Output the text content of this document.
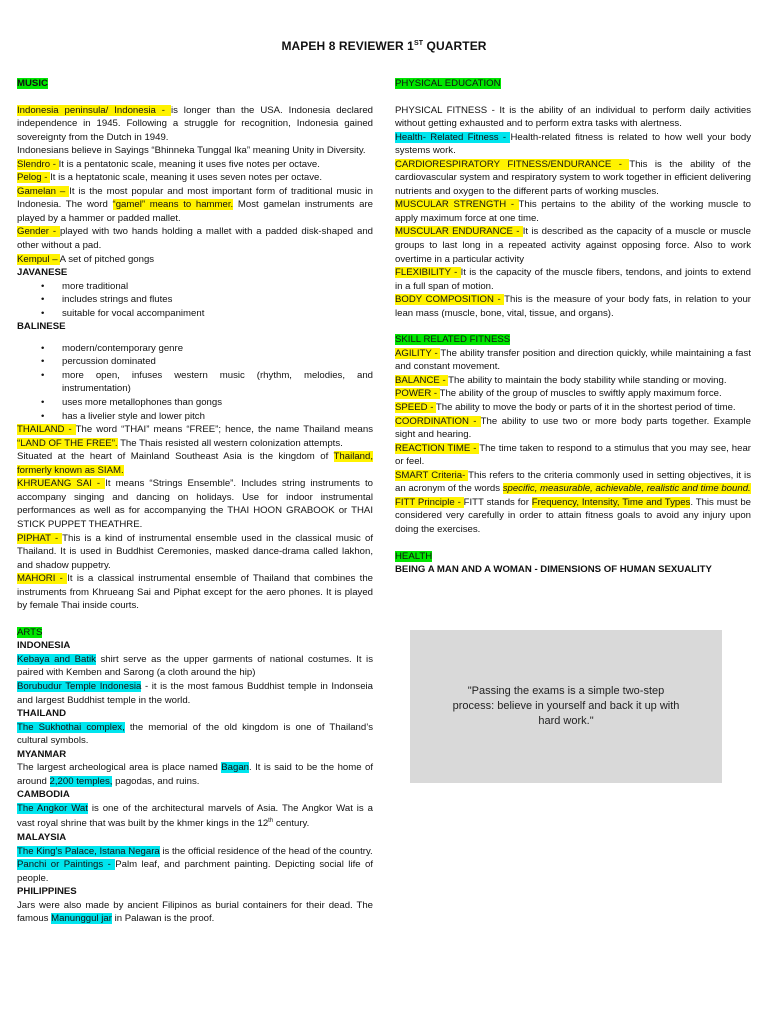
MAPEH 8 REVIEWER 1ST QUARTER

MUSIC

Indonesia peninsula/ Indonesia - is longer than the USA. Indonesia declared independence in 1945. Following a struggle for recognition, Indonesia gained sovereignty from the Dutch in 1949.

Indonesians believe in Sayings “Bhinneka Tunggal Ika” meaning Unity in Diversity.

Slendro - It is a pentatonic scale, meaning it uses five notes per octave.

Pelog - It is a heptatonic scale, meaning it uses seven notes per octave.

Gamelan – It is the most popular and most important form of traditional music in Indonesia. The word “gamel” means to hammer. Most gamelan instruments are played by a hammer or padded mallet.

Gender - played with two hands holding a mallet with a padded disk-shaped and other without a pad.

Kempul – A set of pitched gongs

JAVANESE

• more traditional
• includes strings and flutes
• suitable for vocal accompaniment

BALINESE

• modern/contemporary genre
• percussion dominated
• more open, infuses western music (rhythm, melodies, and instrumentation)
• uses more metallophones than gongs
• has a livelier style and lower pitch

THAILAND - The word “THAI” means “FREE”; hence, the name Thailand means “LAND OF THE FREE”. The Thais resisted all western colonization attempts.

Situated at the heart of Mainland Southeast Asia is the kingdom of Thailand, formerly known as SIAM.

KHRUEANG SAI - It means “Strings Ensemble”. Includes string instruments to accompany singing and dancing on holidays. Use for indoor instrumental performances as well as for accompanying the THAI HOON GRABOOK or THAI STICK PUPPET THEATHRE.

PIPHAT - This is a kind of instrumental ensemble used in the classical music of Thailand. It is used in Buddhist Ceremonies, masked dance-drama called lakhon, and shadow puppetry.

MAHORI - It is a classical instrumental ensemble of Thailand that combines the instruments from Khrueang Sai and Piphat except for the aero phones. It is played by female Thai inside courts.

ARTS

INDONESIA

Kebaya and Batik shirt serve as the upper garments of national costumes. It is paired with Kemben and Sarong (a cloth around the hip)

Borubudur Temple Indonesia - it is the most famous Buddhist temple in Indonseia and largest Buddhist temple in the world.

THAILAND

The Sukhothai complex, the memorial of the old kingdom is one of Thailand’s cultural symbols.

MYANMAR

The largest archeological area is place named Bagan. It is said to be the home of around 2,200 temples, pagodas, and ruins.

CAMBODIA

The Angkor Wat is one of the architectural marvels of Asia. The Angkor Wat is a vast royal shrine that was built by the khmer kings in the 12th century.

MALAYSIA

The King’s Palace, Istana Negara is the official residence of the head of the country.

Panchi or Paintings - Palm leaf, and parchment painting. Depicting social life of people.

PHILIPPINES

Jars were also made by ancient Filipinos as burial containers for their dead. The famous Manunggul jar in Palawan is the proof.

PHYSICAL EDUCATION

PHYSICAL FITNESS - It is the ability of an individual to perform daily activities without getting exhausted and to perform extra tasks with alertness.

Health- Related Fitness - Health-related fitness is related to how well your body systems work.

CARDIORESPIRATORY FITNESS/ENDURANCE - This is the ability of the cardiovascular system and respiratory system to work together in efficient delivering nutrients and oxygen to the different parts of working muscles.

MUSCULAR STRENGTH - This pertains to the ability of the working muscle to apply maximum force at one time.

MUSCULAR ENDURANCE - It is described as the capacity of a muscle or muscle groups to last long in a repeated activity against opposing force. Also to work overtime in a particular activity

FLEXIBILITY - It is the capacity of the muscle fibers, tendons, and joints to extend in a full span of motion.

BODY COMPOSITION - This is the measure of your body fats, in relation to your lean mass (muscle, bone, vital, tissue, and organs).

SKILL RELATED FITNESS

AGILITY - The ability transfer position and direction quickly, while maintaining a fast and constant movement.

BALANCE - The ability to maintain the body stability while standing or moving.

POWER - The ability of the group of muscles to swiftly apply maximum force.

SPEED - The ability to move the body or parts of it in the shortest period of time.

COORDINATION - The ability to use two or more body parts together. Example sight and hearing.

REACTION TIME - The time taken to respond to a stimulus that you may see, hear or feel.

SMART Criteria- This refers to the criteria commonly used in setting objectives, it is an acronym of the words specific, measurable, achievable, realistic and time bound.

FITT Principle - FITT stands for Frequency, Intensity, Time and Types. This must be considered very carefully in order to attain fitness goals to avoid any injury upon doing the exercises.

HEALTH

BEING A MAN AND A WOMAN - DIMENSIONS OF HUMAN SEXUALITY

"Passing the exams is a simple two-step process: believe in yourself and back it up with hard work."
